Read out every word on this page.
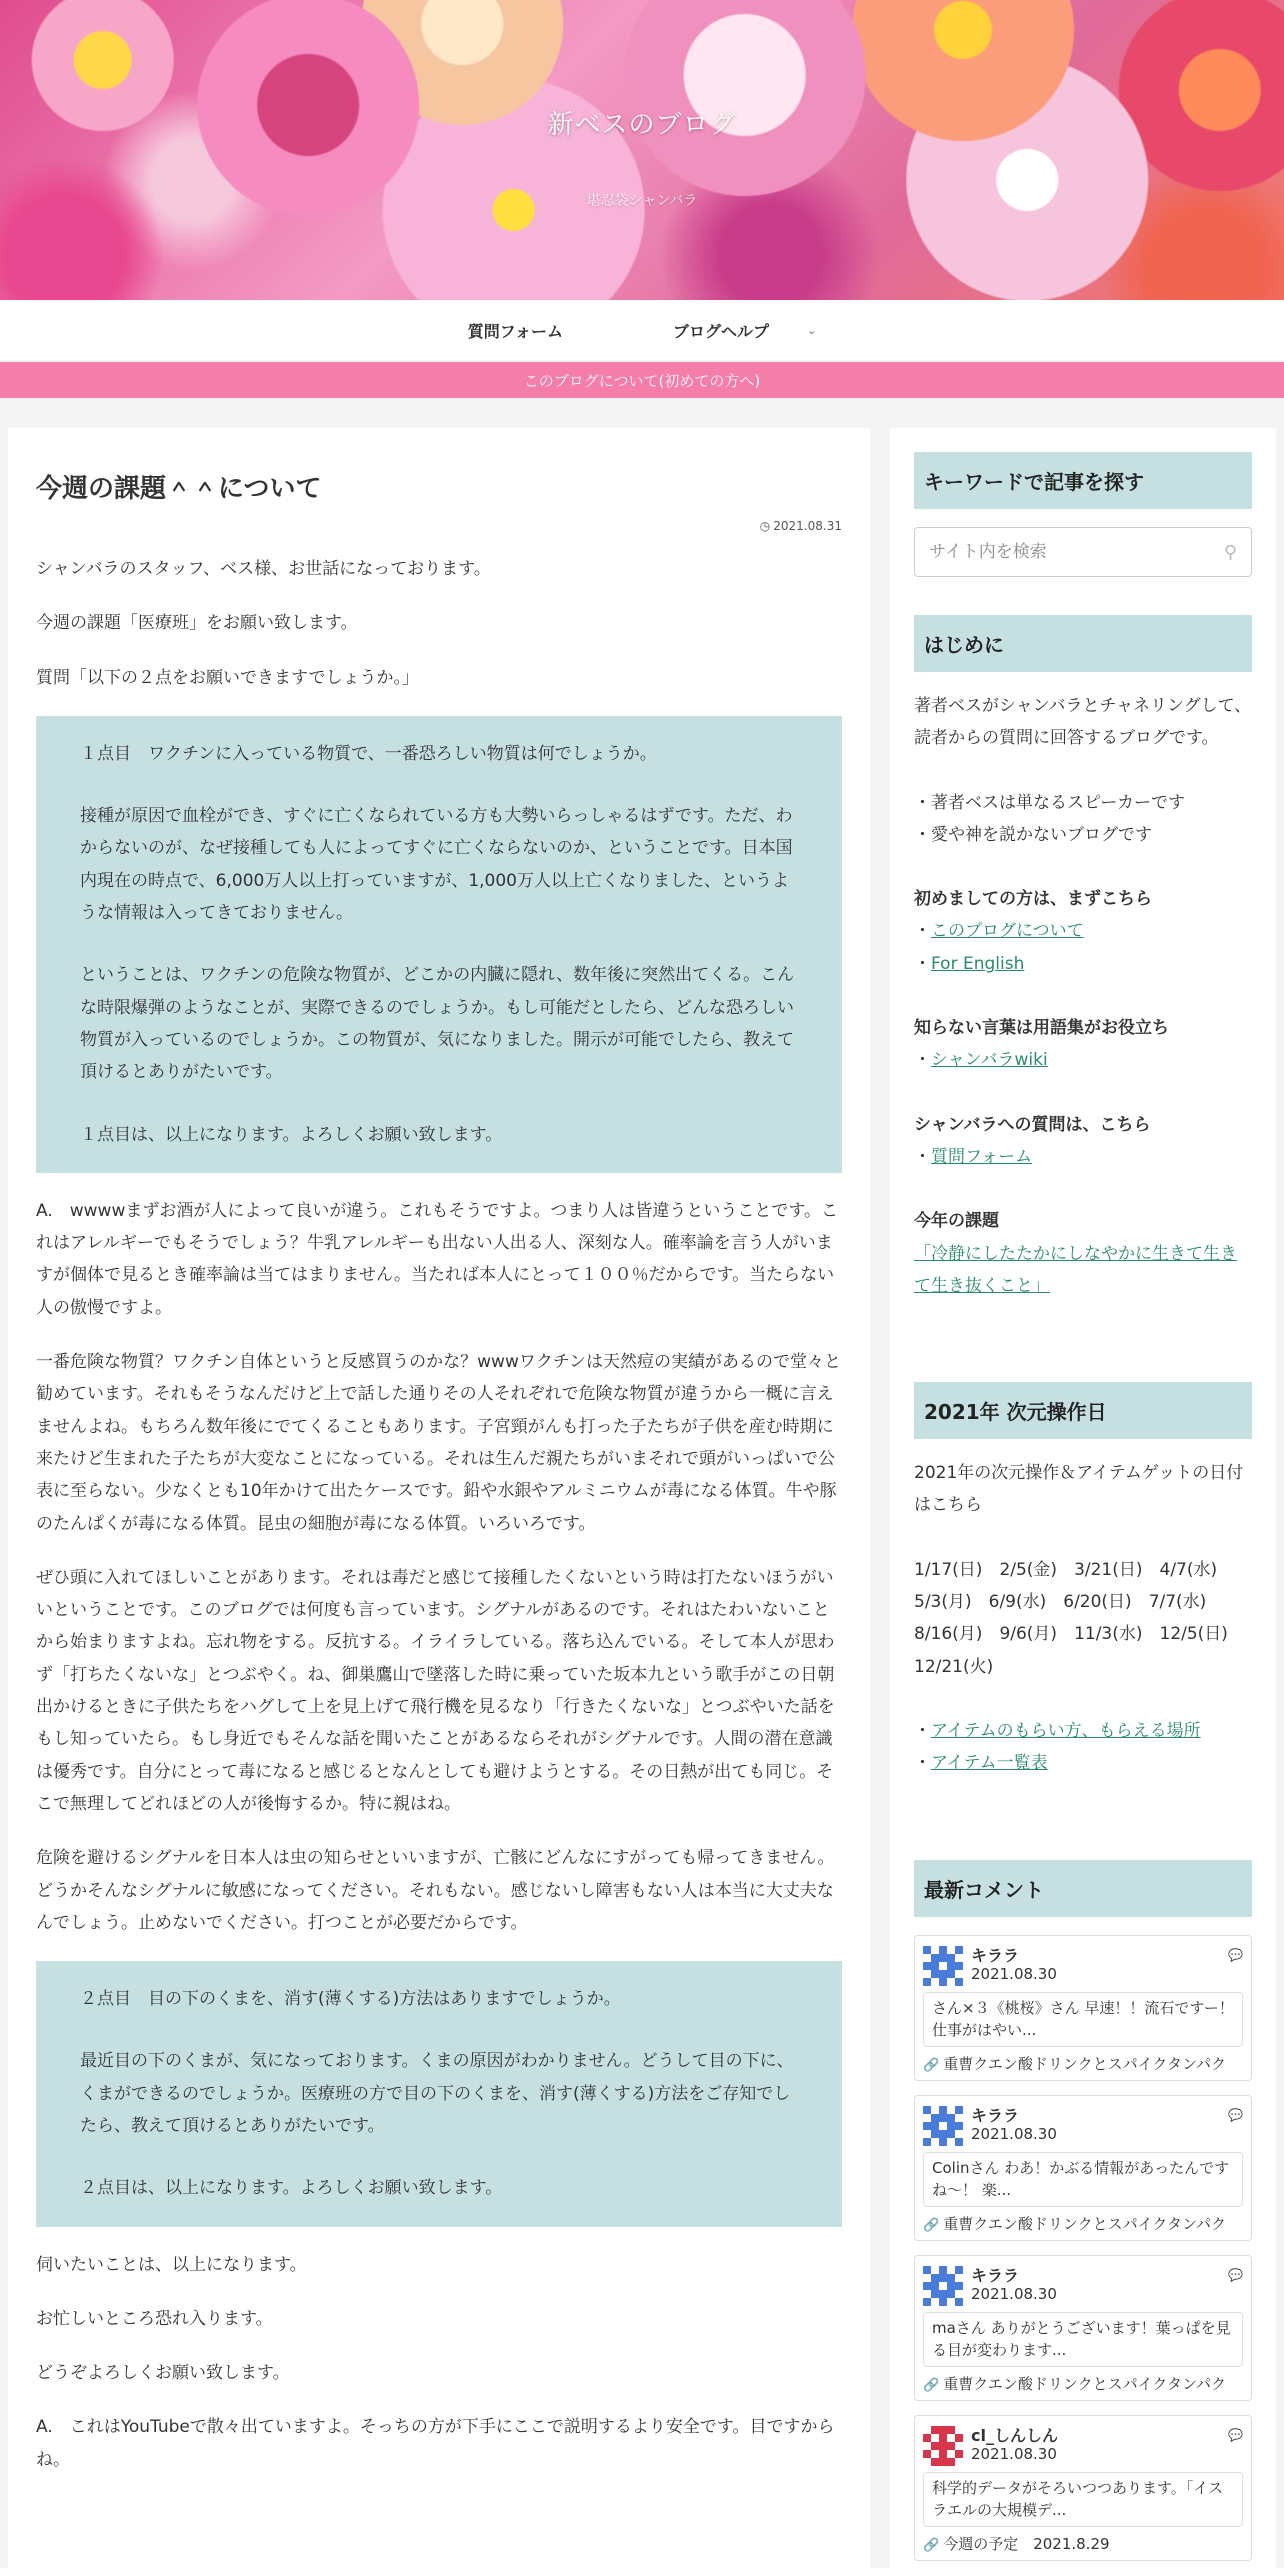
新ベスのブログ
堪忍袋シャンバラ
質問フォーム	ブログヘルプ	⌄
このブログについて(初めての方へ)
今週の課題＾＾について
◷ 2021.08.31
シャンバラのスタッフ、ベス様、お世話になっております。
今週の課題「医療班」をお願い致します。
質問「以下の２点をお願いできますでしょうか。」
１点目　ワクチンに入っている物質で、一番恐ろしい物質は何でしょうか。
接種が原因で血栓ができ、すぐに亡くなられている方も大勢いらっしゃるはずです。ただ、わからないのが、なぜ接種しても人によってすぐに亡くならないのか、ということです。日本国内現在の時点で、6,000万人以上打っていますが、1,000万人以上亡くなりました、というような情報は入ってきておりません。
ということは、ワクチンの危険な物質が、どこかの内臓に隠れ、数年後に突然出てくる。こんな時限爆弾のようなことが、実際できるのでしょうか。もし可能だとしたら、どんな恐ろしい物質が入っているのでしょうか。この物質が、気になりました。開示が可能でしたら、教えて頂けるとありがたいです。
１点目は、以上になります。よろしくお願い致します。
A.　wwwwまずお酒が人によって良いが違う。これもそうですよ。つまり人は皆違うということです。これはアレルギーでもそうでしょう？牛乳アレルギーも出ない人出る人、深刻な人。確率論を言う人がいますが個体で見るとき確率論は当てはまりません。当たれば本人にとって１００％だからです。当たらない人の傲慢ですよ。
一番危険な物質？ワクチン自体というと反感買うのかな？wwwワクチンは天然痘の実績があるので堂々と勧めています。それもそうなんだけど上で話した通りその人それぞれで危険な物質が違うから一概に言えませんよね。もちろん数年後にでてくることもあります。子宮頸がんも打った子たちが子供を産む時期に来たけど生まれた子たちが大変なことになっている。それは生んだ親たちがいまそれで頭がいっぱいで公表に至らない。少なくとも10年かけて出たケースです。鉛や水銀やアルミニウムが毒になる体質。牛や豚のたんぱくが毒になる体質。昆虫の細胞が毒になる体質。いろいろです。
ぜひ頭に入れてほしいことがあります。それは毒だと感じて接種したくないという時は打たないほうがいいということです。このブログでは何度も言っています。シグナルがあるのです。それはたわいないことから始まりますよね。忘れ物をする。反抗する。イライラしている。落ち込んでいる。そして本人が思わず「打ちたくないな」とつぶやく。ね、御巣鷹山で墜落した時に乗っていた坂本九という歌手がこの日朝出かけるときに子供たちをハグして上を見上げて飛行機を見るなり「行きたくないな」とつぶやいた話をもし知っていたら。もし身近でもそんな話を聞いたことがあるならそれがシグナルです。人間の潜在意識は優秀です。自分にとって毒になると感じるとなんとしても避けようとする。その日熱が出ても同じ。そこで無理してどれほどの人が後悔するか。特に親はね。
危険を避けるシグナルを日本人は虫の知らせといいますが、亡骸にどんなにすがっても帰ってきません。どうかそんなシグナルに敏感になってください。それもない。感じないし障害もない人は本当に大丈夫なんでしょう。止めないでください。打つことが必要だからです。
２点目　目の下のくまを、消す(薄くする)方法はありますでしょうか。
最近目の下のくまが、気になっております。くまの原因がわかりません。どうして目の下に、くまができるのでしょうか。医療班の方で目の下のくまを、消す(薄くする)方法をご存知でしたら、教えて頂けるとありがたいです。
２点目は、以上になります。よろしくお願い致します。
伺いたいことは、以上になります。
お忙しいところ恐れ入ります。
どうぞよろしくお願い致します。
A.　これはYouTubeで散々出ていますよ。そっちの方が下手にここで説明するより安全です。目ですからね。
キーワードで記事を探す
サイト内を検索
⚲
はじめに
著者ベスがシャンバラとチャネリングして、読者からの質問に回答するブログです。
・著者ベスは単なるスピーカーです
・愛や神を説かないブログです
初めましての方は、まずこちら
・このブログについて
・For English
知らない言葉は用語集がお役立ち
・シャンバラwiki
シャンバラへの質問は、こちら
・質問フォーム
今年の課題
「冷静にしたたかにしなやかに生きて生きて生き抜くこと」
2021年 次元操作日
2021年の次元操作＆アイテムゲットの日付はこちら
1/17(日)　2/5(金)　3/21(日)　4/7(水)　5/3(月)　6/9(水)　6/20(日)　7/7(水)　8/16(月)　9/6(月)　11/3(水)　12/5(日)　12/21(火)
・アイテムのもらい方、もらえる場所
・アイテム一覧表
最新コメント
💬
キララ
2021.08.30
さん×３《桃桜》さん 早速！！流石ですー！仕事がはやい...
🔗 重曹クエン酸ドリンクとスパイクタンパク
💬
キララ
2021.08.30
Colinさん わあ！かぶる情報があったんですね〜！ 楽...
🔗 重曹クエン酸ドリンクとスパイクタンパク
💬
キララ
2021.08.30
maさん ありがとうございます！葉っぱを見る目が変わります...
🔗 重曹クエン酸ドリンクとスパイクタンパク
💬
cl_しんしん
2021.08.30
科学的データがそろいつつあります。「イスラエルの大規模デ...
🔗 今週の予定　2021.8.29
